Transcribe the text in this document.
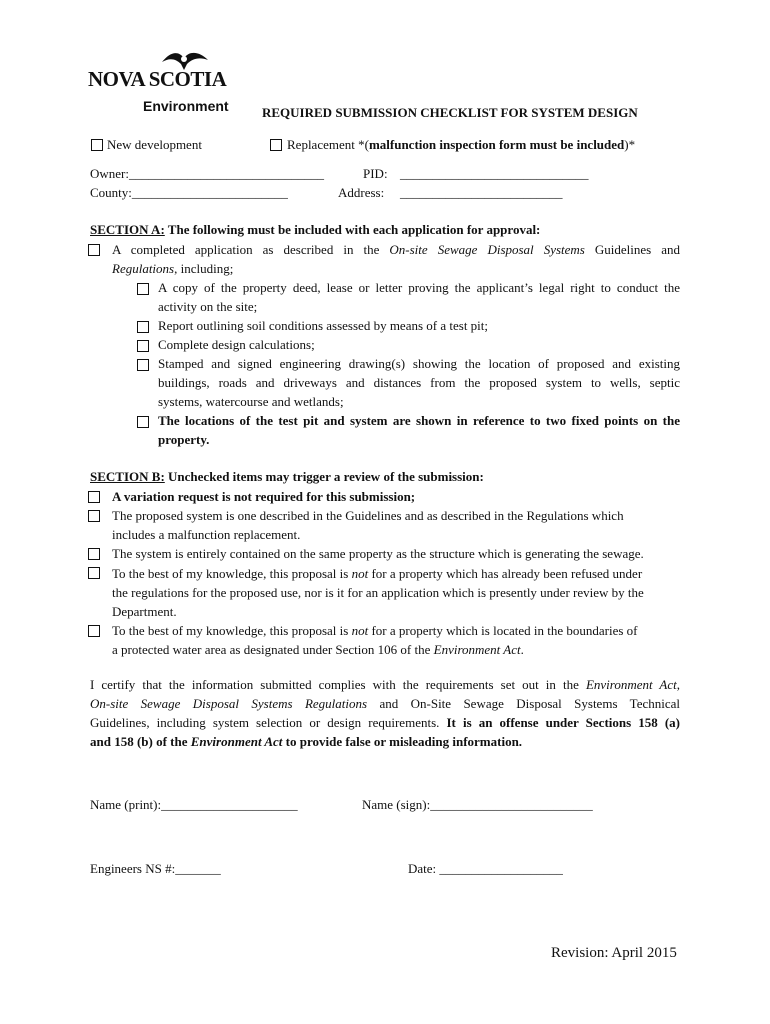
NOVA SCOTIA
Environment	REQUIRED SUBMISSION CHECKLIST FOR SYSTEM DESIGN
New development	Replacement *(malfunction inspection form must be included)*
Owner:______________________________	PID: _____________________________
County:________________________	Address: _________________________
SECTION A: The following must be included with each application for approval:
A completed application as described in the On-site Sewage Disposal Systems Guidelines and
Regulations, including;
A copy of the property deed, lease or letter proving the applicant’s legal right to conduct the
activity on the site;
Report outlining soil conditions assessed by means of a test pit;
Complete design calculations;
Stamped and signed engineering drawing(s) showing the location of proposed and existing
buildings, roads and driveways and distances from the proposed system to wells, septic
systems, watercourse and wetlands;
The locations of the test pit and system are shown in reference to two fixed points on the
property.
SECTION B: Unchecked items may trigger a review of the submission:
A variation request is not required for this submission;
The proposed system is one described in the Guidelines and as described in the Regulations which
includes a malfunction replacement.
The system is entirely contained on the same property as the structure which is generating the sewage.
To the best of my knowledge, this proposal is not for a property which has already been refused under
the regulations for the proposed use, nor is it for an application which is presently under review by the
Department.
To the best of my knowledge, this proposal is not for a property which is located in the boundaries of
a protected water area as designated under Section 106 of the Environment Act.
I certify that the information submitted complies with the requirements set out in the Environment Act,
On-site Sewage Disposal Systems Regulations and On-Site Sewage Disposal Systems Technical
Guidelines, including system selection or design requirements. It is an offense under Sections 158 (a)
and 158 (b) of the Environment Act to provide false or misleading information.
Name (print):_____________________	Name (sign):_________________________
Engineers NS #:_______	Date: ___________________
Revision: April 2015
